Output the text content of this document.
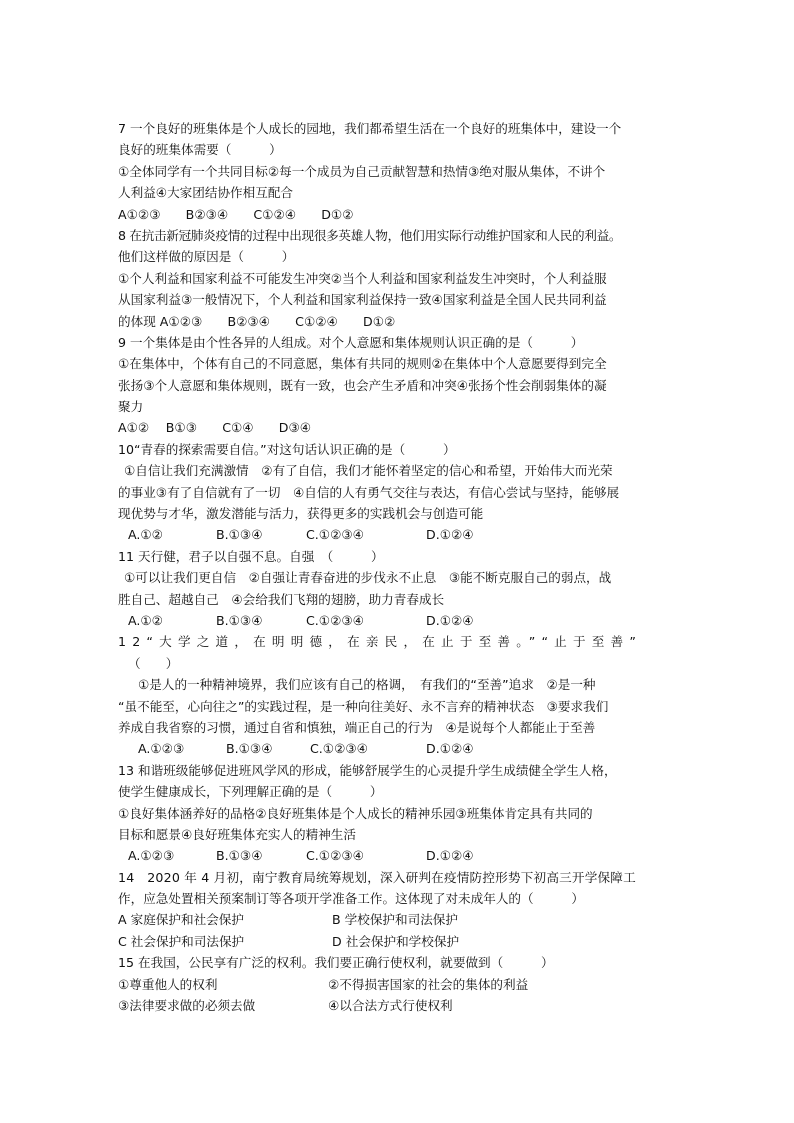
7 一个良好的班集体是个人成长的园地，我们都希望生活在一个良好的班集体中，建设一个
良好的班集体需要（　　　）
①全体同学有一个共同目标②每一个成员为自己贡献智慧和热情③绝对服从集体，不讲个
人利益④大家团结协作相互配合
A①②③　　B②③④　　C①②④　　D①②
8 在抗击新冠肺炎疫情的过程中出现很多英雄人物，他们用实际行动维护国家和人民的利益。
他们这样做的原因是（　　　）
①个人利益和国家利益不可能发生冲突②当个人利益和国家利益发生冲突时，个人利益服
从国家利益③一般情况下，个人利益和国家利益保持一致④国家利益是全国人民共同利益
的体现 A①②③　　B②③④　　C①②④　　D①②
9 一个集体是由个性各异的人组成。对个人意愿和集体规则认识正确的是（　　　）
①在集体中，个体有自己的不同意愿，集体有共同的规则②在集体中个人意愿要得到完全
张扬③个人意愿和集体规则，既有一致，也会产生矛盾和冲突④张扬个性会削弱集体的凝
聚力
A①②　 B①③　　C①④　　D③④
10“青春的探索需要自信。”对这句话认识正确的是（　　　）
①自信让我们充满激情　②有了自信，我们才能怀着坚定的信心和希望，开始伟大而光荣
的事业③有了自信就有了一切　④自信的人有勇气交往与表达，有信心尝试与坚持，能够展
现优势与才华，激发潜能与活力，获得更多的实践机会与创造可能
A.①②	B.①③④	C.①②③④	D.①②④
11 天行健，君子以自强不息。自强　（　　　）
①可以让我们更自信　②自强让青春奋进的步伐永不止息　③能不断克服自己的弱点，战
胜自己、超越自己　④会给我们飞翔的翅膀，助力青春成长
A.①②	B.①③④	C.①②③④	D.①②④
12“大学之道，在明明德，在亲民，在止于至善。”“止于至善”
（　　）
①是人的一种精神境界，我们应该有自己的格调，　有我们的“至善”追求　②是一种
“虽不能至，心向往之”的实践过程，是一种向往美好、永不言弃的精神状态　③要求我们
养成自我省察的习惯，通过自省和慎独，端正自己的行为　④是说每个人都能止于至善
A.①②③	B.①③④	C.①②③④	D.①②④
13 和谐班级能够促进班风学风的形成，能够舒展学生的心灵提升学生成绩健全学生人格，
使学生健康成长，下列理解正确的是（　　　）
①良好集体涵养好的品格②良好班集体是个人成长的精神乐园③班集体肯定具有共同的
目标和愿景④良好班集体充实人的精神生活
A.①②③	B.①③④	C.①②③④	D.①②④
14　2020 年 4 月初，南宁教育局统筹规划，深入研判在疫情防控形势下初高三开学保障工
作，应急处置相关预案制订等各项开学准备工作。这体现了对未成年人的（　　　）
A 家庭保护和社会保护	B 学校保护和司法保护
C 社会保护和司法保护	D 社会保护和学校保护
15 在我国，公民享有广泛的权利。我们要正确行使权利，就要做到（　　　）
①尊重他人的权利	②不得损害国家的社会的集体的利益
③法律要求做的必须去做	④以合法方式行使权利
